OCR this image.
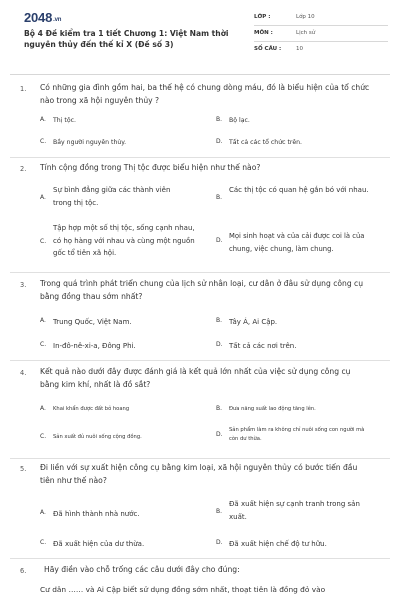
2048.vn
Bộ 4 Đề kiểm tra 1 tiết Chương 1: Việt Nam thời nguyên thủy đến thế kỉ X (Đề số 3)
LỚP :	Lớp 10
MÔN :	Lịch sử
SỐ CÂU :	10
1. Có những gia đình gồm hai, ba thế hệ có chung dòng máu, đó là biểu hiện của tổ chức nào trong xã hội nguyên thủy ?
A. Thị tộc.	B. Bộ lạc.
C. Bầy người nguyên thủy.	D. Tất cả các tổ chức trên.
2. Tính cộng đồng trong Thị tộc được biểu hiện như thế nào?
A.
Sự bình đẳng giữa các thành viên trong thị tộc.
B.
Các thị tộc có quan hệ gắn bó với nhau.
C.
Tập hợp một số thị tộc, sống cạnh nhau, có họ hàng với nhau và cùng một nguồn gốc tổ tiên xã hội.
D.
Mọi sinh hoạt và của cải được coi là của chung, việc chung, làm chung.
3. Trong quá trình phát triển chung của lịch sử nhân loại, cư dân ở đâu sử dụng công cụ bằng đồng thau sớm nhất?
A. Trung Quốc, Việt Nam.	B. Tây Á, Ai Cập.
C. In-đô-nê-xi-a, Đông Phi.	D. Tất cả các nơi trên.
4. Kết quả nào dưới đây được đánh giá là kết quả lớn nhất của việc sử dụng công cụ bằng kim khí, nhất là đồ sắt?
A. Khai khẩn được đất bỏ hoang	B. Đưa năng suất lao động tăng lên.
C. Sản xuất đủ nuôi sống cộng đồng.	D.
Sản phẩm làm ra không chỉ nuôi sống con người mà còn dư thừa.
5. Đi liền với sự xuất hiện công cụ bằng kim loại, xã hội nguyên thủy có bước tiến đầu tiên như thế nào?
A. Đã hình thành nhà nước.	B.
Đã xuất hiện sự cạnh tranh trong sản xuất.
C. Đã xuất hiện của dư thừa.	D. Đã xuất hiện chế độ tư hữu.
6. Hãy điền vào chỗ trống các câu dưới đây cho đúng:
Cư dân …… và Ai Cập biết sử dụng đồng sớm nhất, thoạt tiên là đồng đỏ vào
